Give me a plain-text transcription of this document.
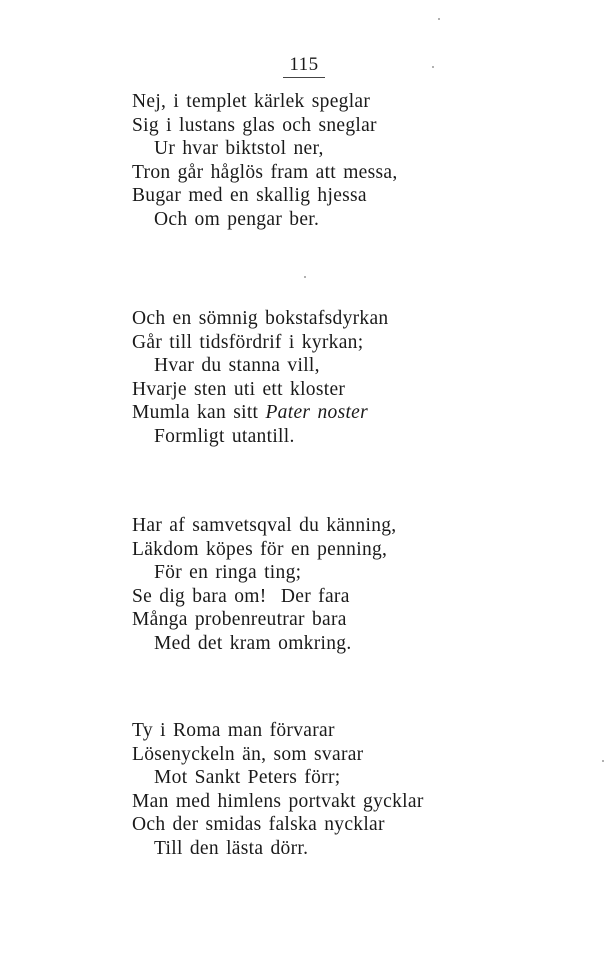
115
Nej, i templet kärlek speglar
Sig i lustans glas och sneglar
Ur hvar biktstol ner,
Tron går håglös fram att messa,
Bugar med en skallig hjessa
Och om pengar ber.
Och en sömnig bokstafsdyrkan
Går till tidsfördrif i kyrkan;
Hvar du stanna vill,
Hvarje sten uti ett kloster
Mumla kan sitt Pater noster
Formligt utantill.
Har af samvetsqval du känning,
Läkdom köpes för en penning,
För en ringa ting;
Se dig bara om!  Der fara
Många probenreutrar bara
Med det kram omkring.
Ty i Roma man förvarar
Lösenyckeln än, som svarar
Mot Sankt Peters förr;
Man med himlens portvakt gycklar
Och der smidas falska nycklar
Till den lästa dörr.
